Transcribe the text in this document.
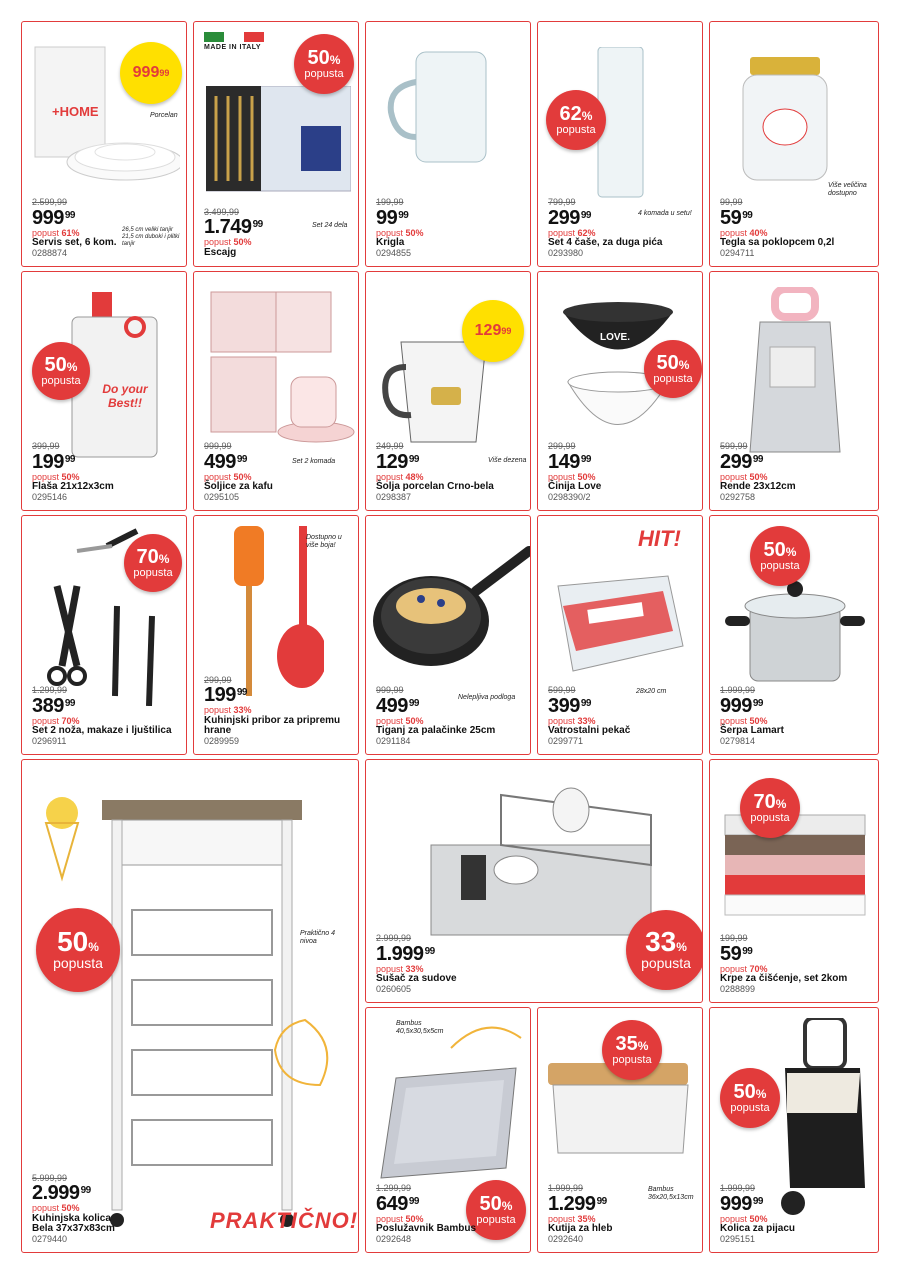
+HOME
999 99
Porcelan
26,5 cm veliki tanjir 21,5 cm duboki i plitki tanjir
2.599,99
$999^{99}$
popust 61%
Servis set, 6 kom.
0288874
MADE IN ITALY 50%
popusta
Set 24 dela
3.499,99
1.749$^{99}$
popust 50%
Escajg
199,99
$99^{99}$
popust 50%
Krigla
0294855
62%
popusta
4 komada u setu!
799,99
$299^{99}$
popust 62%
Set 4 čaše, za duga pića
0293980
Više veličina dostupno
99,99
$59^{99}$
popust 40%
Tegla sa poklopcem 0,2l
0294711
Do your Best!!
50%
popusta
399,99
$199^{99}$
popust 50%
Flaša 21x12x3cm
0295146
Set 2 komada
999,99
$499^{99}$
popust 50%
Šoljice za kafu
0295105
129 99
Više dezena
249,99
$129^{99}$
popust 48%
Šolja porcelan Crno-bela
0298387
LOVE.
50%
popusta
299,99
$149^{99}$
popust 50%
Činija Love
0298390/2
599,99
$299^{99}$
popust 50%
Rende 23x12cm
0292758
70%
popusta
1.299,99
$389^{99}$
popust 70%
Set 2 noža, makaze i ljuštilica
0296911
Dostupno u više boja!
299,99
$199^{99}$
popust 33%
Kuhinjski pribor za pripremu hrane
0289959
Nelepljiva podloga
999,99
$499^{99}$
popust 50%
Tiganj za palačinke 25cm
0291184
HIT!
28x20 cm
599,99
$399^{99}$
popust 33%
Vatrostalni pekač
0299771
50%
popusta
1.999,99
$999^{99}$
popust 50%
Šerpa Lamart
0279814
50%
popusta
Praktično 4 nivoa
PRAKTIČNO!
5.999,99
2.999$^{99}$
popust 50%
Kuhinjska kolica
Bela 37x37x83cm
0279440
33%
popusta
2.999,99
1.999$^{99}$
popust 33%
Sušač za sudove
0260605
70%
popusta
199,99
$59^{99}$
popust 70%
Krpe za čišćenje, set 2kom
0288899
Bambus 40,5x30,5x5cm
50%
popusta
1.299,99
$649^{99}$
popust 50%
Poslužavnik Bambus
0292648
35%
popusta
Bambus 36x20,5x13cm
1.999,99
1.299$^{99}$
popust 35%
Kutija za hleb
0292640
50%
popusta
1.999,99
$999^{99}$
popust 50%
Kolica za pijacu
0295151
